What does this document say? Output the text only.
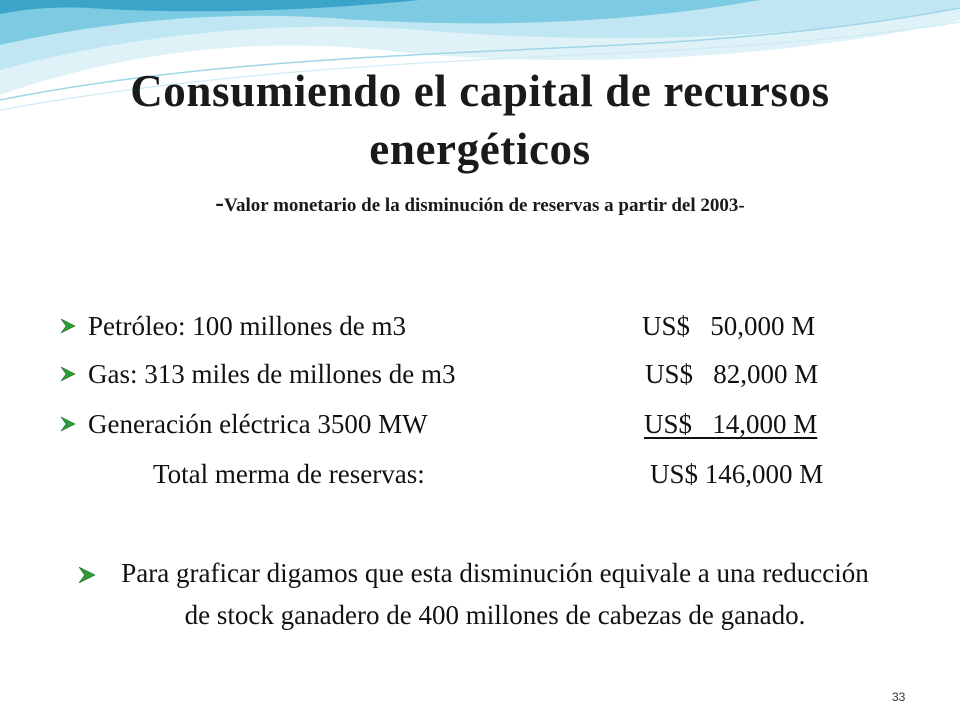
Consumiendo el capital de recursos energéticos
-Valor monetario de la disminución de reservas a partir del 2003-
Petróleo: 100 millones de m3	US$   50,000 M
Gas: 313 miles de millones de m3	US$   82,000 M
Generación eléctrica 3500 MW	US$   14,000 M
Total merma de reservas:	US$ 146,000 M
Para graficar digamos que esta disminución equivale a una reducción de stock ganadero de 400 millones de cabezas de ganado.
33
